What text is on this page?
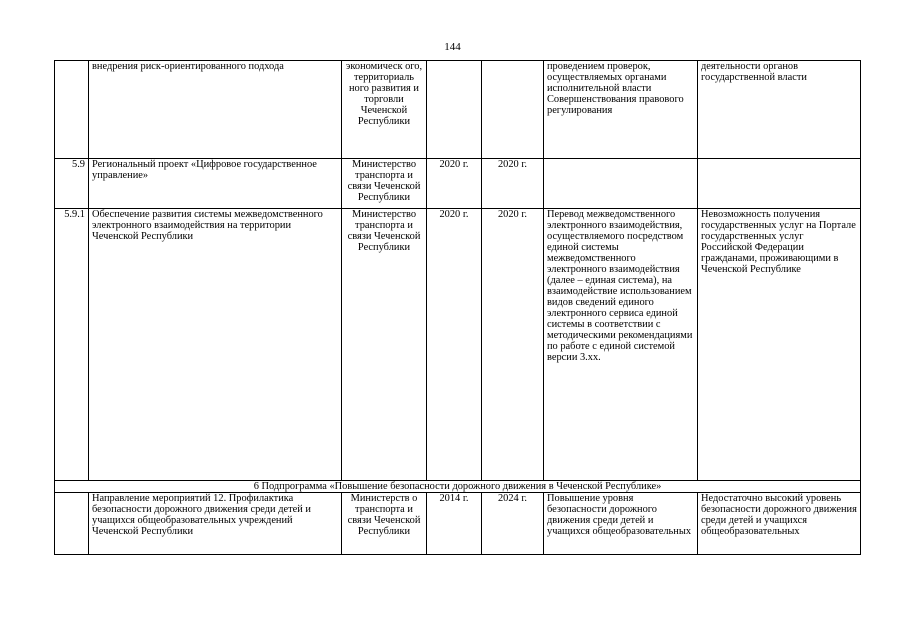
144
	внедрения риск-ориентированного подхода	экономическ ого, территориаль ного развития и торговли Чеченской Республики			проведением проверок, осуществляемых органами исполнительной власти Совершенствования правового регулирования	деятельности органов государственной власти
5.9	Региональный проект «Цифровое государственное управление»	Министерство транспорта и связи Чеченской Республики	2020 г.	2020 г.		
5.9.1	Обеспечение развития системы межведомственного электронного взаимодействия на территории Чеченской Республики	Министерство транспорта и связи Чеченской Республики	2020 г.	2020 г.	Перевод межведомственного электронного взаимодействия, осуществляемого посредством единой системы межведомственного электронного взаимодействия (далее – единая система), на взаимодействие использованием видов сведений единого электронного сервиса единой системы в соответствии с методическими рекомендациями по работе с единой системой версии 3.хх.	Невозможность получения государственных услуг на Портале государственных услуг Российской Федерации гражданами, проживающими в Чеченской Республике
6 Подпрограмма «Повышение безопасности дорожного движения в Чеченской Республике»						
	Направление мероприятий 12. Профилактика безопасности дорожного движения среди детей и учащихся общеобразовательных учреждений Чеченской Республики	Министерств о транспорта и связи Чеченской Республики	2014 г.	2024 г.	Повышение уровня безопасности дорожного движения среди детей и учащихся общеобразовательных	Недостаточно высокий уровень безопасности дорожного движения среди детей и учащихся общеобразовательных
